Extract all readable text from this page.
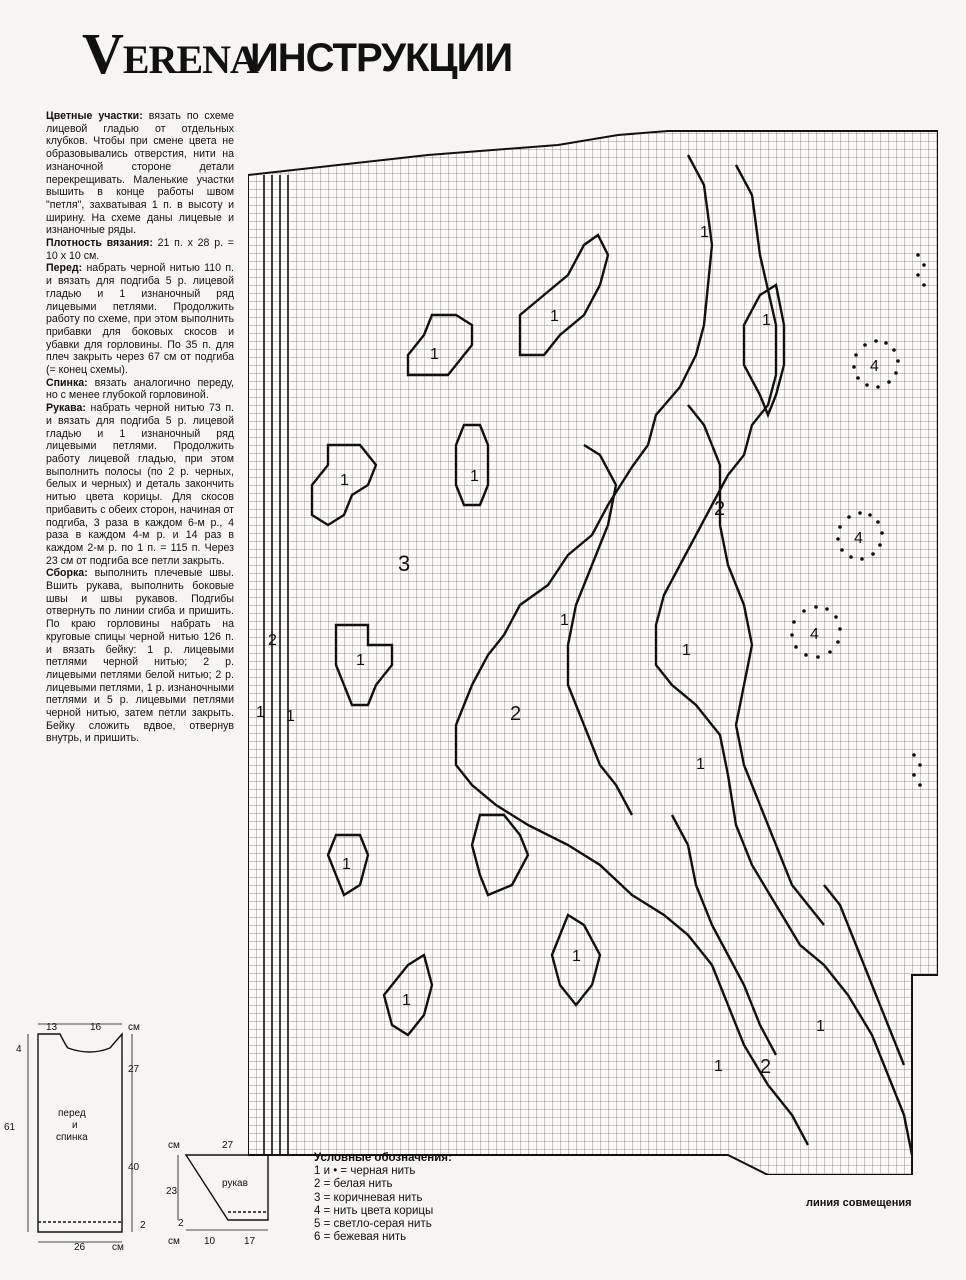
VERENA
ИНСТРУКЦИИ

Цветные участки: вязать по схеме лицевой гладью от отдельных клубков. Чтобы при смене цвета не образовывались отверстия, нити на изнаночной стороне детали перекрещивать. Маленькие участки вышить в конце работы швом "петля", захватывая 1 п. в высоту и ширину. На схеме даны лицевые и изнаночные ряды.

Плотность вязания: 21 п. х 28 р. = 10 х 10 см.

Перед: набрать черной нитью 110 п. и вязать для подгиба 5 р. лицевой гладью и 1 изнаночный ряд лицевыми петлями. Продолжить работу по схеме, при этом выполнить прибавки для боковых скосов и убавки для горловины. По 35 п. для плеч закрыть через 67 см от подгиба (= конец схемы).

Спинка: вязать аналогично переду, но с менее глубокой горловиной.

Рукава: набрать черной нитью 73 п. и вязать для подгиба 5 р. лицевой гладью и 1 изнаночный ряд лицевыми петлями. Продолжить работу лицевой гладью, при этом выполнить полосы (по 2 р. черных, белых и черных) и деталь закончить нитью цвета корицы. Для скосов прибавить с обеих сторон, начиная от подгиба, 3 раза в каждом 6-м р., 4 раза в каждом 4-м р. и 14 раз в каждом 2-м р. по 1 п. = 115 п. Через 23 см от подгиба все петли закрыть.

Сборка: выполнить плечевые швы. Вшить рукава, выполнить боковые швы и швы рукавов. Подгибы отвернуть по линии сгиба и пришить. По краю горловины набрать на круговые спицы черной нитью 126 п. и вязать бейку: 1 р. лицевыми петлями черной нитью; 2 р. лицевыми петлями белой нитью; 2 р. лицевыми петлями, 1 р. изнаночными петлями и 5 р. лицевыми петлями черной нитью, затем петли закрыть. Бейку сложить вдвое, отвернув внутрь, и пришить.

13	16	см
4
27
40
61
2
26	см
перед
и
спинка
см	27
23
рукав
2
см 10	17
3
2
1 1
1
2
2
2
1
1
1
1
1	1
1
1
1
1
1
1
1
1
4
4
4
Условные обозначения:
1 и • = черная нить
2 = белая нить
3 = коричневая нить
4 = нить цвета корицы
5 = светло-серая нить
6 = бежевая нить
линия совмещения
